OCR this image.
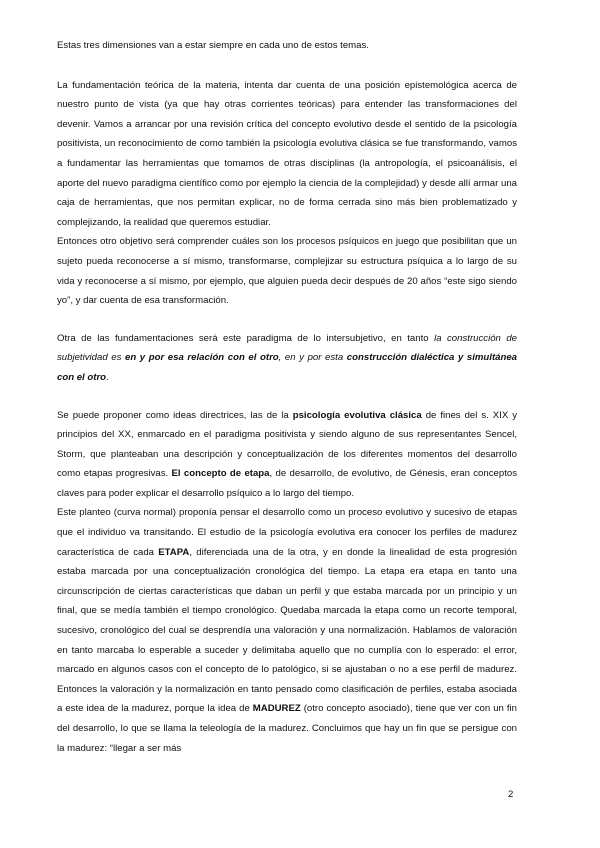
Estas tres dimensiones van a estar siempre en cada uno de estos temas.

La fundamentación teórica de la materia, intenta dar cuenta de una posición epistemológica acerca de nuestro punto de vista (ya que hay otras corrientes teóricas) para entender las transformaciones del devenir. Vamos a arrancar por una revisión crítica del concepto evolutivo desde el sentido de la psicología positivista, un reconocimiento de como también la psicología evolutiva clásica se fue transformando, vamos a fundamentar las herramientas que tomamos de otras disciplinas (la antropología, el psicoanálisis, el aporte del nuevo paradigma científico como por ejemplo la ciencia de la complejidad) y desde allí armar una caja de herramientas, que nos permitan explicar, no de forma cerrada sino más bien problematizado y complejizando, la realidad que queremos estudiar.

Entonces otro objetivo será comprender cuáles son los procesos psíquicos en juego que posibilitan que un sujeto pueda reconocerse a sí mismo, transformarse, complejizar su estructura psíquica a lo largo de su vida y reconocerse a sí mismo, por ejemplo, que alguien pueda decir después de 20 años “este sigo siendo yo”, y dar cuenta de esa transformación.

Otra de las fundamentaciones será este paradigma de lo intersubjetivo, en tanto la construcción de subjetividad es en y por esa relación con el otro, en y por esta construcción dialéctica y simultánea con el otro.

Se puede proponer como ideas directrices, las de la psicología evolutiva clásica de fines del s. XIX y principios del XX, enmarcado en el paradigma positivista y siendo alguno de sus representantes Sencel, Storm, que planteaban una descripción y conceptualización de los diferentes momentos del desarrollo como etapas progresivas. El concepto de etapa, de desarrollo, de evolutivo, de Génesis, eran conceptos claves para poder explicar el desarrollo psíquico a lo largo del tiempo.

Este planteo (curva normal) proponía pensar el desarrollo como un proceso evolutivo y sucesivo de etapas que el individuo va transitando. El estudio de la psicología evolutiva era conocer los perfiles de madurez característica de cada ETAPA, diferenciada una de la otra, y en donde la linealidad de esta progresión estaba marcada por una conceptualización cronológica del tiempo. La etapa era etapa en tanto una circunscripción de ciertas características que daban un perfil y que estaba marcada por un principio y un final, que se medía también el tiempo cronológico. Quedaba marcada la etapa como un recorte temporal, sucesivo, cronológico del cual se desprendía una valoración y una normalización. Hablamos de valoración en tanto marcaba lo esperable a suceder y delimitaba aquello que no cumplía con lo esperado: el error, marcado en algunos casos con el concepto de lo patológico, si se ajustaban o no a ese perfil de madurez. Entonces la valoración y la normalización en tanto pensado como clasificación de perfiles, estaba asociada a este idea de la madurez, porque la idea de MADUREZ (otro concepto asociado), tiene que ver con un fin del desarrollo, lo que se llama la teleología de la madurez. Concluimos que hay un fin que se persigue con la madurez: “llegar a ser más

2
